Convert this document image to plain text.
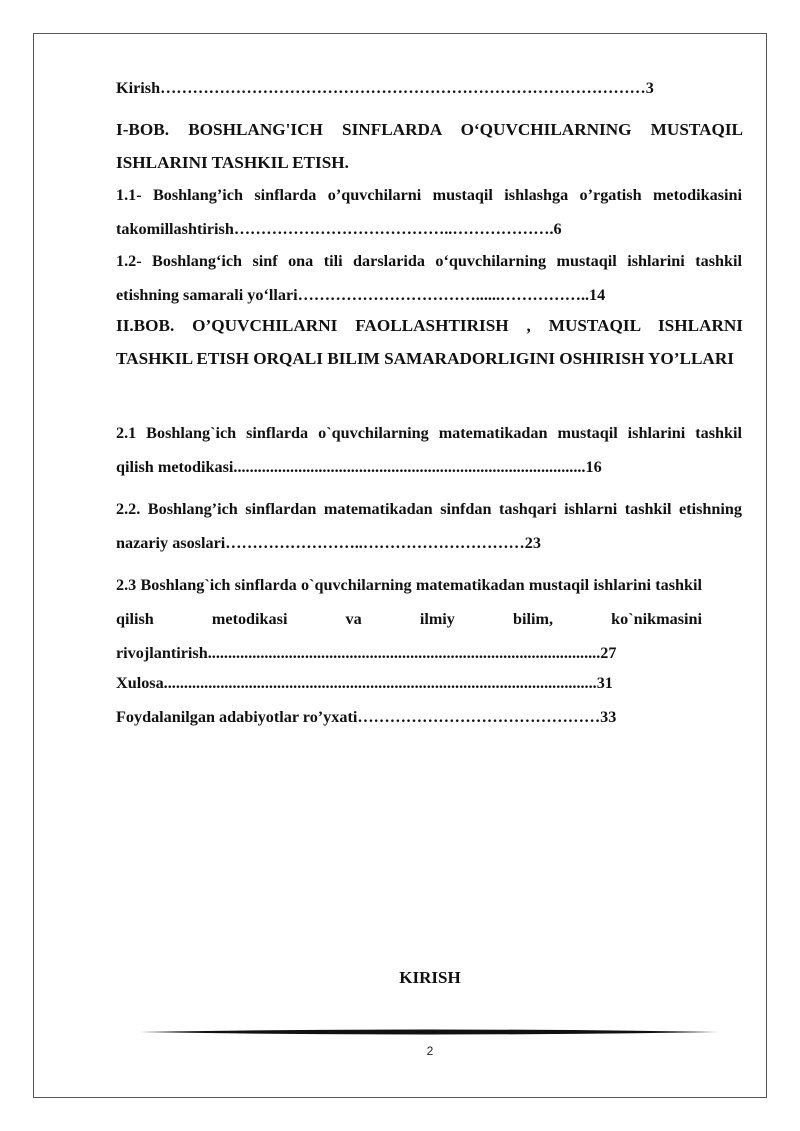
Kirish………………………………………………………………………………3

I-BOB. BOSHLANG'ICH SINFLARDA O‘QUVCHILARNING MUSTAQIL ISHLARINI TASHKIL ETISH.

1.1- Boshlang’ich sinflarda o’quvchilarni mustaqil ishlashga o’rgatish metodikasini takomillashtirish…………………………………..……………….6

1.2- Boshlang‘ich sinf ona tili darslarida o‘quvchilarning mustaqil ishlarini tashkil etishning samarali yo‘llari……………………………......……………..14

II.BOB. O’QUVCHILARNI FAOLLASHTIRISH , MUSTAQIL ISHLARNI TASHKIL ETISH ORQALI BILIM SAMARADORLIGINI OSHIRISH YO’LLARI

2.1 Boshlang`ich sinflarda o`quvchilarning matematikadan mustaqil ishlarini tashkil qilish metodikasi.......................................................................................16

2.2. Boshlang’ich sinflardan matematikadan sinfdan tashqari ishlarni tashkil etishning nazariy asoslari……………………..…………………………23

2.3 Boshlang`ich sinflarda o`quvchilarning matematikadan mustaqil ishlarini tashkil qilish metodikasi va ilmiy bilim, ko`nikmasini rivojlantirish.................................................................................................27

Xulosa...........................................................................................................31

Foydalanilgan adabiyotlar ro’yxati………………………………………33

KIRISH
2
